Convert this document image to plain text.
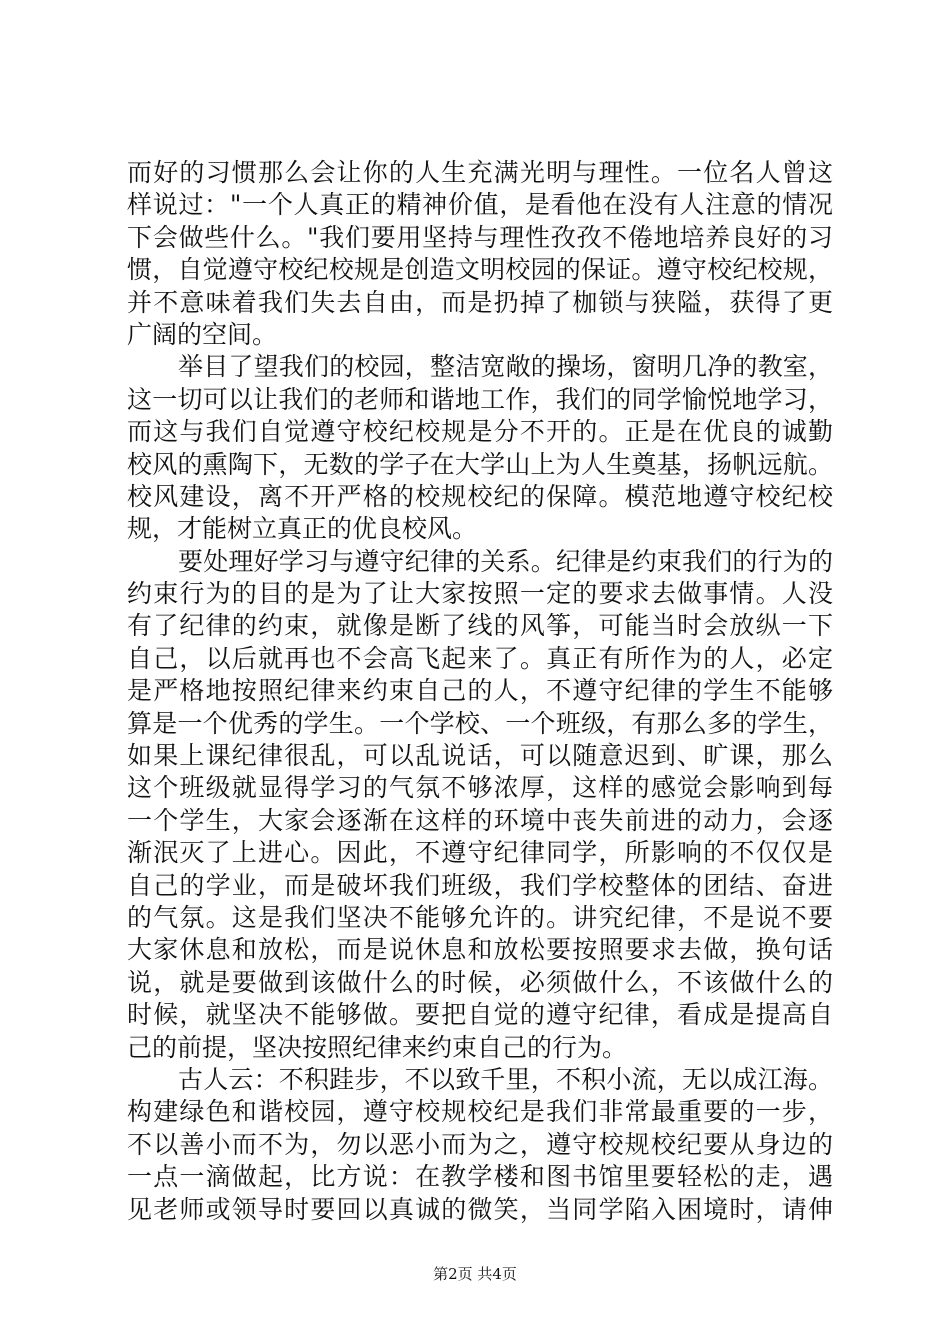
而好的习惯那么会让你的人生充满光明与理性。一位名人曾这
样说过："一个人真正的精神价值，是看他在没有人注意的情况
下会做些什么。"我们要用坚持与理性孜孜不倦地培养良好的习
惯，自觉遵守校纪校规是创造文明校园的保证。遵守校纪校规，
并不意味着我们失去自由，而是扔掉了枷锁与狭隘，获得了更
广阔的空间。
举目了望我们的校园，整洁宽敞的操场，窗明几净的教室，
这一切可以让我们的老师和谐地工作，我们的同学愉悦地学习，
而这与我们自觉遵守校纪校规是分不开的。正是在优良的诚勤
校风的熏陶下，无数的学子在大学山上为人生奠基，扬帆远航。
校风建设，离不开严格的校规校纪的保障。模范地遵守校纪校
规，才能树立真正的优良校风。
要处理好学习与遵守纪律的关系。纪律是约束我们的行为的
约束行为的目的是为了让大家按照一定的要求去做事情。人没
有了纪律的约束，就像是断了线的风筝，可能当时会放纵一下
自己，以后就再也不会高飞起来了。真正有所作为的人，必定
是严格地按照纪律来约束自己的人，不遵守纪律的学生不能够
算是一个优秀的学生。一个学校、一个班级，有那么多的学生，
如果上课纪律很乱，可以乱说话，可以随意迟到、旷课，那么
这个班级就显得学习的气氛不够浓厚，这样的感觉会影响到每
一个学生，大家会逐渐在这样的环境中丧失前进的动力，会逐
渐泯灭了上进心。因此，不遵守纪律同学，所影响的不仅仅是
自己的学业，而是破坏我们班级，我们学校整体的团结、奋进
的气氛。这是我们坚决不能够允许的。讲究纪律，不是说不要
大家休息和放松，而是说休息和放松要按照要求去做，换句话
说，就是要做到该做什么的时候，必须做什么，不该做什么的
时候，就坚决不能够做。要把自觉的遵守纪律，看成是提高自
己的前提，坚决按照纪律来约束自己的行为。
古人云：不积跬步，不以致千里，不积小流，无以成江海。
构建绿色和谐校园，遵守校规校纪是我们非常最重要的一步，
不以善小而不为，勿以恶小而为之，遵守校规校纪要从身边的
一点一滴做起，比方说：在教学楼和图书馆里要轻松的走，遇
见老师或领导时要回以真诚的微笑，当同学陷入困境时，请伸
第2页 共4页
